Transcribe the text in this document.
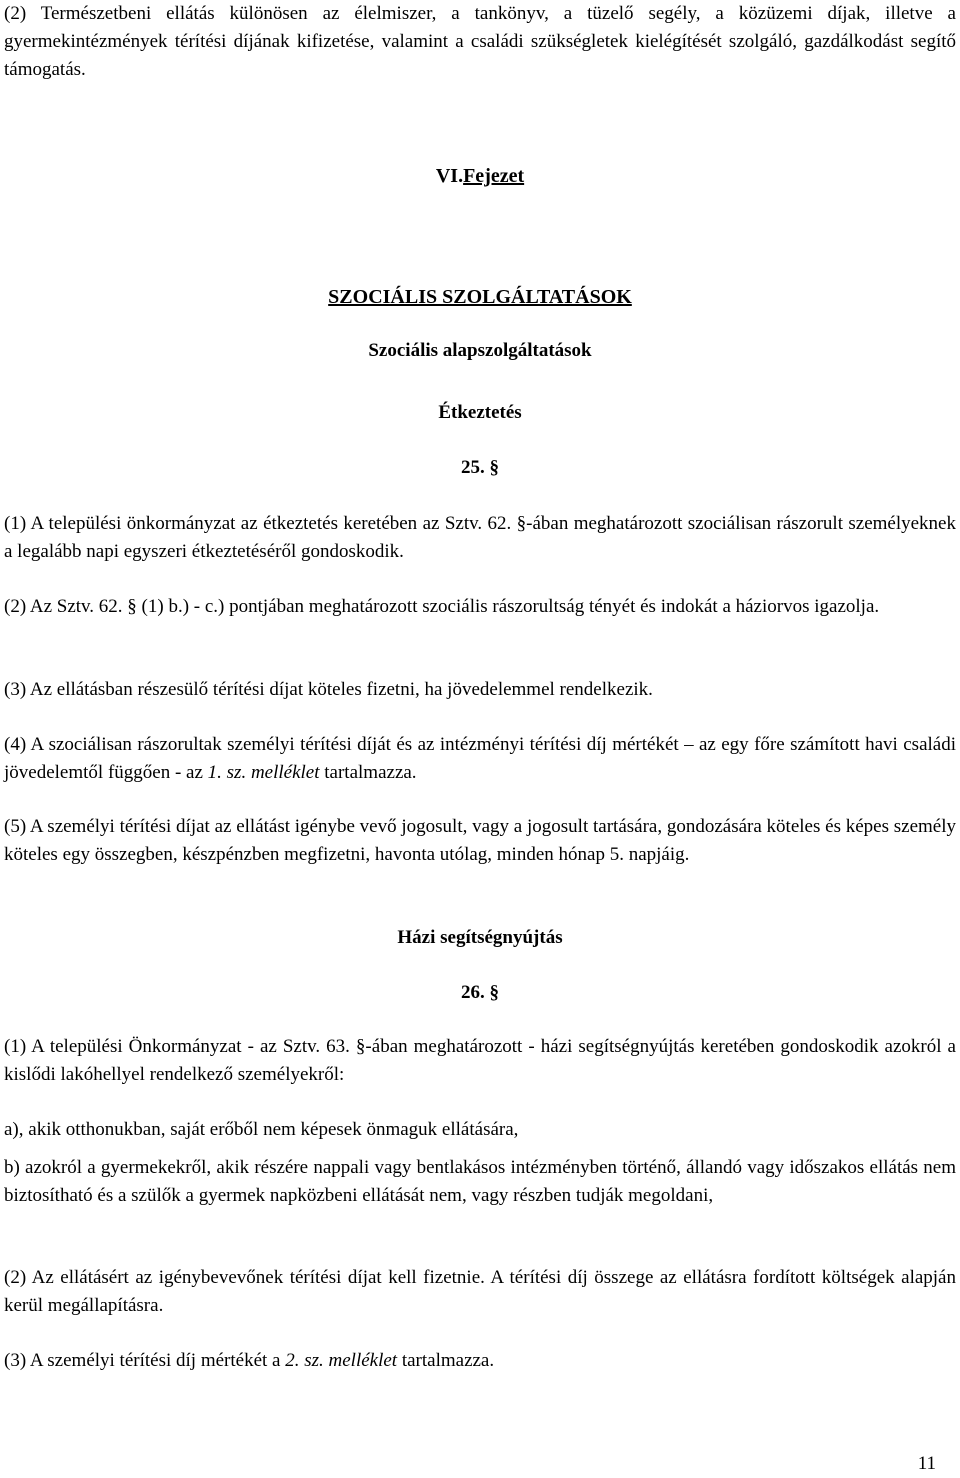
(2) Természetbeni ellátás különösen az élelmiszer, a tankönyv, a tüzelő segély, a közüzemi díjak, illetve a gyermekintézmények térítési díjának kifizetése, valamint a családi szükségletek kielégítését szolgáló, gazdálkodást segítő támogatás.

VI.Fejezet

SZOCIÁLIS SZOLGÁLTATÁSOK

Szociális alapszolgáltatások

Étkeztetés

25. §

(1) A települési önkormányzat az étkeztetés keretében az Sztv. 62. §-ában meghatározott szociálisan rászorult személyeknek a legalább napi egyszeri étkeztetéséről gondoskodik.

(2) Az Sztv. 62. § (1) b.) - c.) pontjában meghatározott szociális rászorultság tényét és indokát a háziorvos igazolja.

(3) Az ellátásban részesülő térítési díjat köteles fizetni, ha jövedelemmel rendelkezik.

(4) A szociálisan rászorultak személyi térítési díját és az intézményi térítési díj mértékét – az egy főre számított havi családi jövedelemtől függően - az 1. sz. melléklet tartalmazza.

(5) A személyi térítési díjat az ellátást igénybe vevő jogosult, vagy a jogosult tartására, gondozására köteles és képes személy köteles egy összegben, készpénzben megfizetni, havonta utólag, minden hónap 5. napjáig.

Házi segítségnyújtás

26. §

(1) A települési Önkormányzat - az Sztv. 63. §-ában meghatározott - házi segítségnyújtás keretében gondoskodik azokról a kislődi lakóhellyel rendelkező személyekről:

a), akik otthonukban, saját erőből nem képesek önmaguk ellátására,

b) azokról a gyermekekről, akik részére nappali vagy bentlakásos intézményben történő, állandó vagy időszakos ellátás nem biztosítható és a szülők a gyermek napközbeni ellátását nem, vagy részben tudják megoldani,

(2) Az ellátásért az igénybevevőnek térítési díjat kell fizetnie. A térítési díj összege az ellátásra fordított költségek alapján kerül megállapításra.

(3) A személyi térítési díj mértékét a 2. sz. melléklet tartalmazza.

11
